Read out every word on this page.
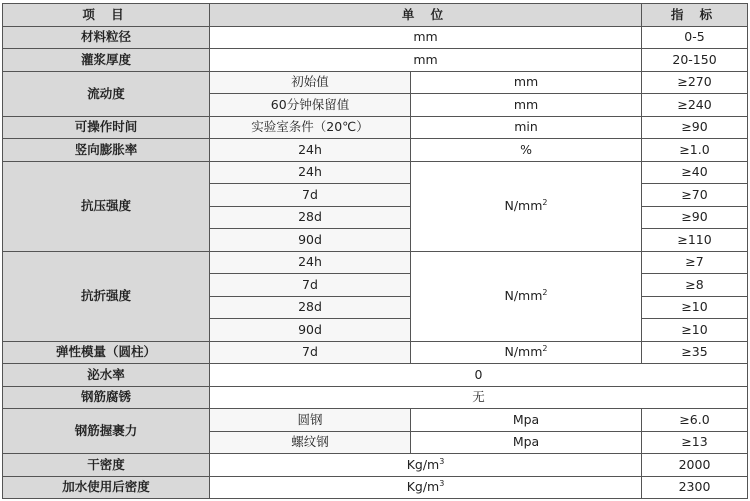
项 目	单 位		指 标
材料粒径	mm		0-5
灌浆厚度	mm		20-150
流动度	初始值	mm	≥270
	60分钟保留值	mm	≥240
可操作时间	实验室条件（20℃）	min	≥90
竖向膨胀率	24h	%	≥1.0
抗压强度	24h	$N/mm^2$	≥40
	7d		≥70
	28d		≥90
	90d		≥110
抗折强度	24h	$N/mm^2$	≥7
	7d		≥8
	28d		≥10
	90d		≥10
弹性模量（圆柱）	7d	$N/mm^2$	≥35
泌水率	0		
钢筋腐锈	无		
钢筋握裹力	圆钢	Mpa	≥6.0
	螺纹钢	Mpa	≥13
干密度	$Kg/m^3$		2000
加水使用后密度	$Kg/m^3$		2300
